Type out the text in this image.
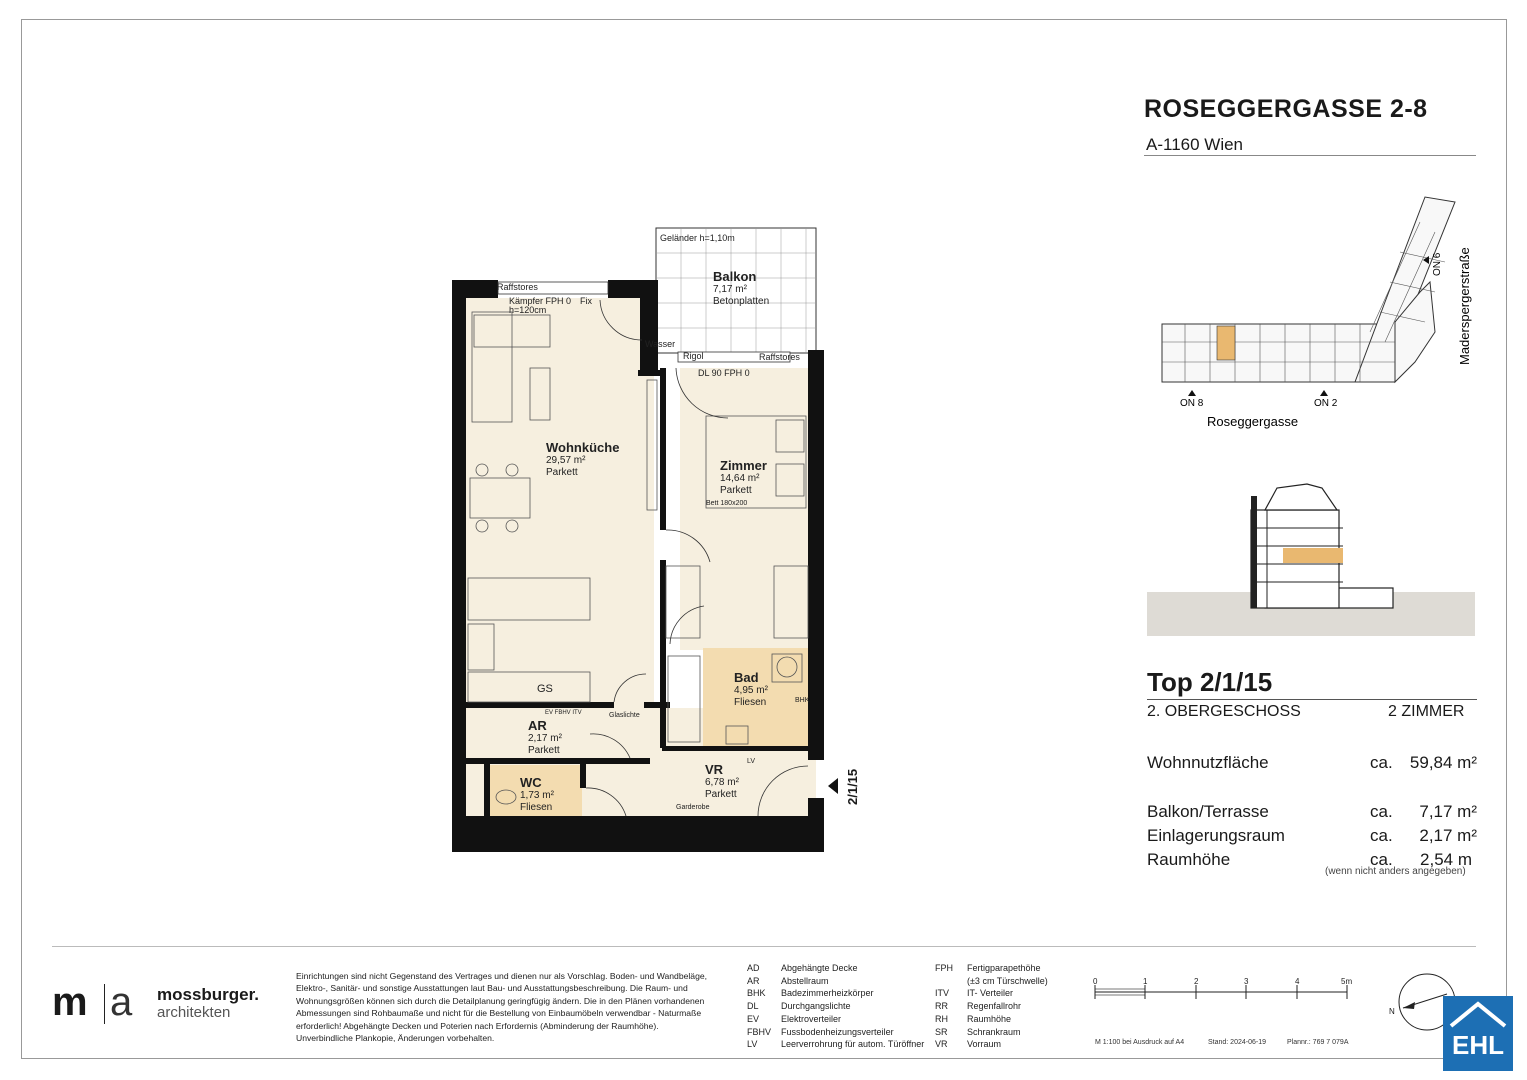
ROSEGGERGASSE 2-8
A-1160 Wien
ON 8	ON 2
ON 6
Roseggergasse
Maderspergerstraße
Top 2/1/15
2. OBERGESCHOSS	2 ZIMMER
Wohnnutzfläche	ca. 59,84 m²
Balkon/Terrasse	ca. 7,17 m²
Einlagerungsraum	ca. 2,17 m²
Raumhöhe	ca. 2,54 m
(wenn nicht anders angegeben)
Geländer h=1,10m
Raffstores
Kämpfer FPH 0
h=120cm
Fix
Rigol	Raffstores
Wasser
DL 90 FPH 0
Bett 180x200
GS
BHK
LV
Glaslichte
Garderobe
EV FBHV ITV
Balkon
7,17 m²
Betonplatten
Wohnküche
29,57 m²
Parkett	Zimmer
14,64 m²
Parkett
Bad
4,95 m²
Fliesen
AR
2,17 m²
Parkett
WC
1,73 m²
Fliesen
VR
6,78 m²
Parkett	2/1/15
m a mossburger.
architekten
Einrichtungen sind nicht Gegenstand des Vertrages und dienen nur als Vorschlag. Boden- und Wandbeläge, Elektro-, Sanitär- und sonstige Ausstattungen laut Bau- und Ausstattungsbeschreibung. Die Raum- und Wohnungsgrößen können sich durch die Detailplanung geringfügig ändern. Die in den Plänen vorhandenen Abmessungen sind Rohbaumaße und nicht für die Bestellung von Einbaumöbeln verwendbar - Naturmaße erforderlich! Abgehängte Decken und Poterien nach Erfordernis (Abminderung der Raumhöhe). Unverbindliche Plankopie, Änderungen vorbehalten.
AD Abgehängte Decke
AR Abstellraum
BHK Badezimmerheizkörper
DL Durchgangslichte
EV Elektroverteiler
FBHV Fussbodenheizungsverteiler
LV	Leerverrohrung für autom. Türöffner
FPH Fertigparapethöhe
(±3 cm Türschwelle)
ITV IT- Verteiler
RR Regenfallrohr
RH Raumhöhe
SR Schrankraum
VR Vorraum
0	1	2	3	4	5m
M 1:100 bei Ausdruck auf A4	Stand: 2024-06-19	Plannr.: 769 7 079A
N
EHL
